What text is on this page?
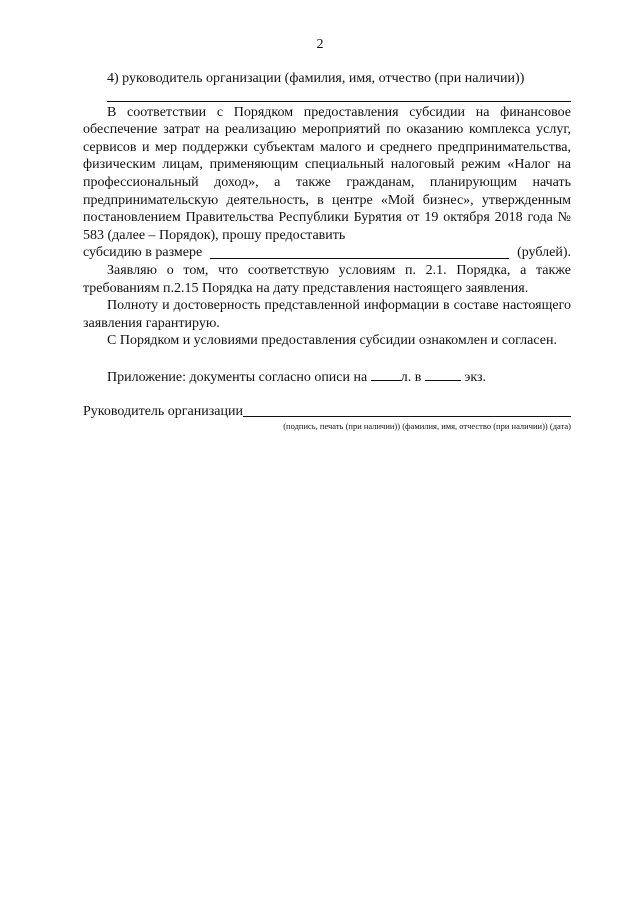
2
4) руководитель организации (фамилия, имя, отчество (при наличии))

В соответствии с Порядком предоставления субсидии на финансовое обеспечение затрат на реализацию мероприятий по оказанию комплекса услуг, сервисов и мер поддержки субъектам малого и среднего предпринимательства, физическим лицам, применяющим специальный налоговый режим «Налог на профессиональный доход», а также гражданам, планирующим начать предпринимательскую деятельность, в центре «Мой бизнес», утвержденным постановлением Правительства Республики Бурятия от 19 октября 2018 года № 583 (далее – Порядок), прошу предоставить

субсидию в размере	(рублей).

Заявляю о том, что соответствую условиям п. 2.1. Порядка, а также требованиям п.2.15 Порядка на дату представления настоящего заявления.

Полноту и достоверность представленной информации в составе настоящего заявления гарантирую.

С Порядком и условиями предоставления субсидии ознакомлен и согласен.

Приложение: документы согласно описи на л. в	экз.
Руководитель организации
(подпись, печать (при наличии)) (фамилия, имя, отчество (при наличии)) (дата)
